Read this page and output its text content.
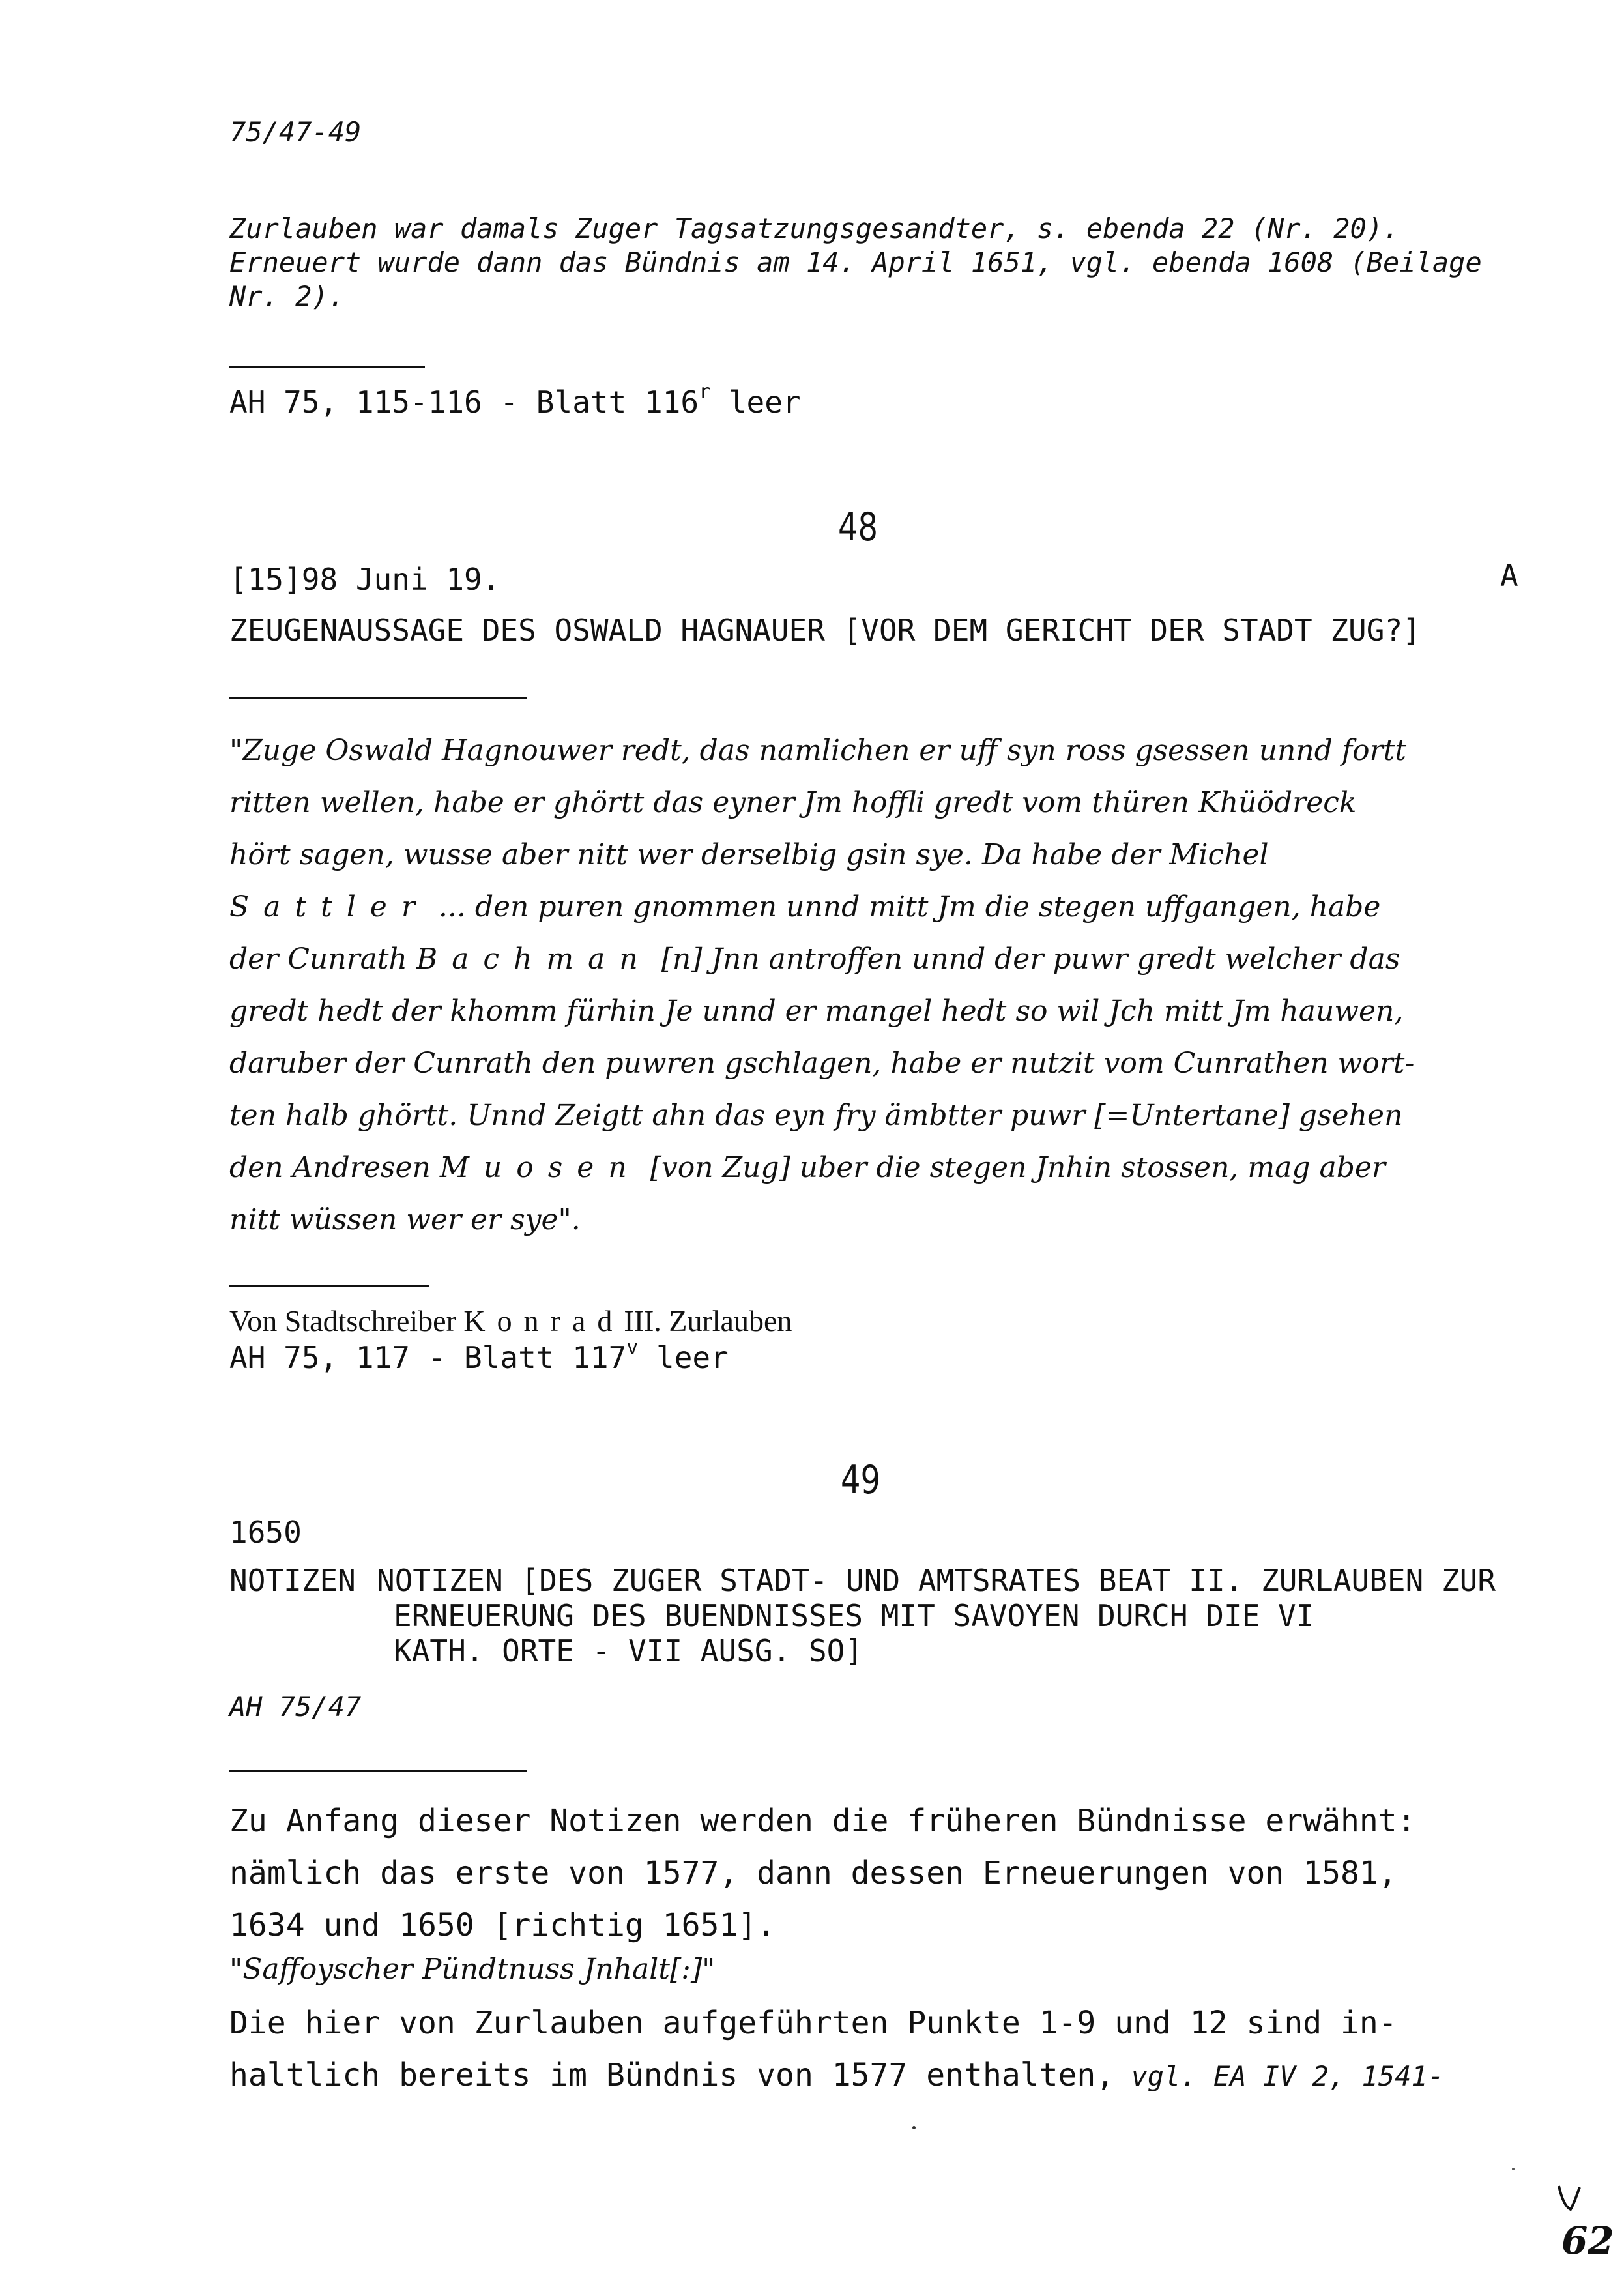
75/47-49
Zurlauben war damals Zuger Tagsatzungsgesandter, s. ebenda 22 (Nr. 20).
Erneuert wurde dann das Bündnis am 14. April 1651, vgl. ebenda 1608 (Beilage
Nr. 2).
AH 75, 115-116 - Blatt 116$^r$ leer
48
[15]98 Juni 19.	A
ZEUGENAUSSAGE DES OSWALD HAGNAUER [VOR DEM GERICHT DER STADT ZUG?]
"Zuge Oswald Hagnouwer redt, das namlichen er uff syn ross gsessen unnd fortt
ritten wellen, habe er ghörtt das eyner Jm hoffli gredt vom thüren Khüödreck
hört sagen, wusse aber nitt wer derselbig gsin sye. Da habe der Michel
Sattler ... den puren gnommen unnd mitt Jm die stegen uffgangen, habe
der Cunrath Bachman [n] Jnn antroffen unnd der puwr gredt welcher das
gredt hedt der khomm fürhin Je unnd er mangel hedt so wil Jch mitt Jm hauwen,
daruber der Cunrath den puwren gschlagen, habe er nutzit vom Cunrathen wort-
ten halb ghörtt. Unnd Zeigtt ahn das eyn fry ämbtter puwr [=Untertane] gsehen
den Andresen Muosen [von Zug] uber die stegen Jnhin stossen, mag aber
nitt wüssen wer er sye".
Von Stadtschreiber KonradIII. Zurlauben
AH 75, 117 - Blatt 117$^v$ leer
49
1650
NOTIZEN NOTIZEN [DES ZUGER STADT- UND AMTSRATES BEAT II. ZURLAUBEN ZUR
ERNEUERUNG DES BUENDNISSES MIT SAVOYEN DURCH DIE VI
KATH. ORTE - VII AUSG. SO]
AH 75/47
Zu Anfang dieser Notizen werden die früheren Bündnisse erwähnt:
nämlich das erste von 1577, dann dessen Erneuerungen von 1581,
1634 und 1650 [richtig 1651].
"Saffoyscher Pündtnuss Jnhalt[:]"
Die hier von Zurlauben aufgeführten Punkte 1-9 und 12 sind in-
haltlich bereits im Bündnis von 1577 enthalten, vgl. EA IV 2, 1541-
62
